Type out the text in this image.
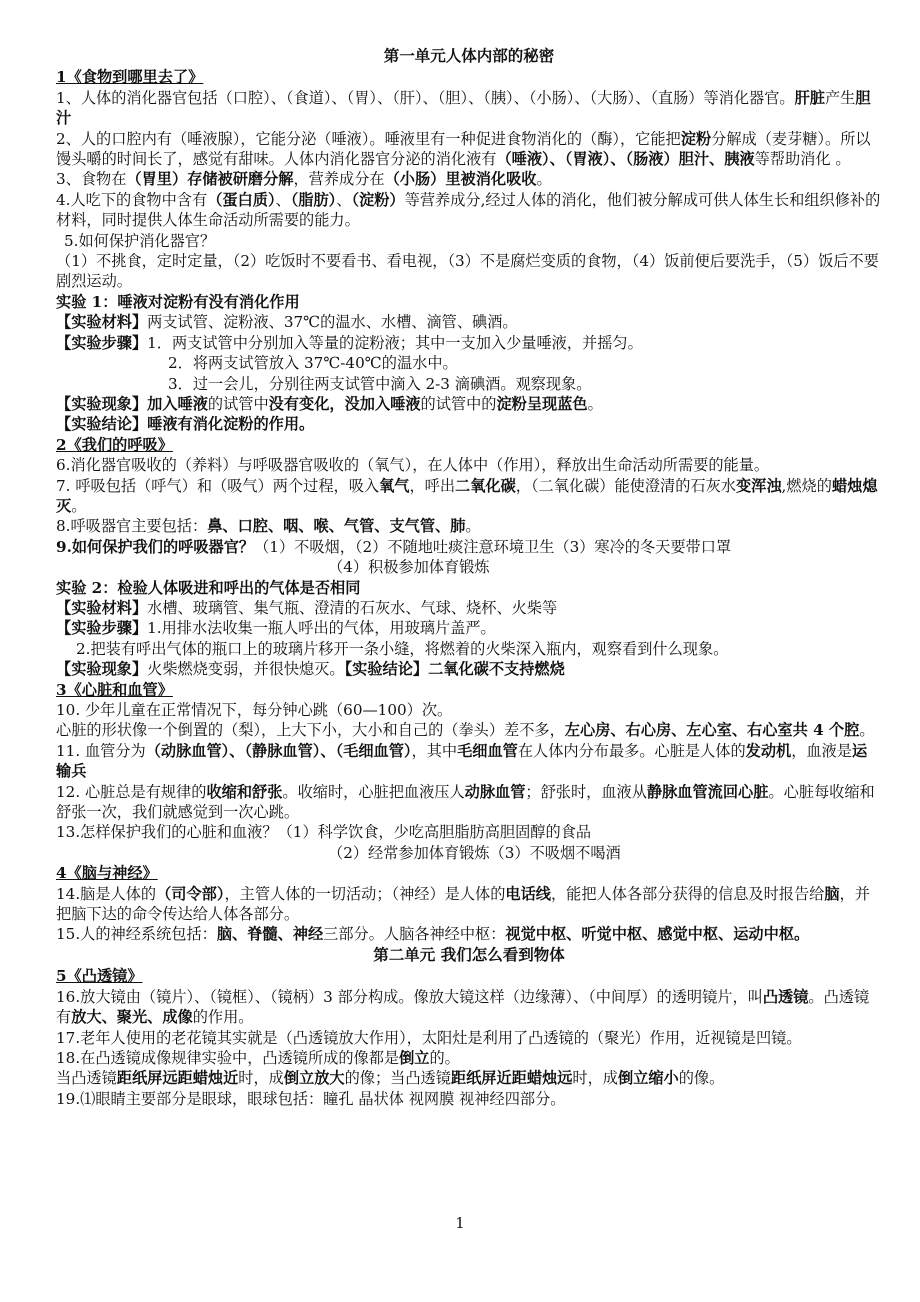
第一单元人体内部的秘密
1《食物到哪里去了》
1、人体的消化器官包括（口腔）、（食道）、（胃）、（肝）、（胆）、（胰）、（小肠）、（大肠）、（直肠）等消化器官。肝脏产生胆汁
2、人的口腔内有（唾液腺），它能分泌（唾液）。唾液里有一种促进食物消化的（酶），它能把淀粉分解成（麦芽糖）。所以馒头嚼的时间长了，感觉有甜味。人体内消化器官分泌的消化液有（唾液）、（胃液）、（肠液）胆汁、胰液等帮助消化 。
3、食物在（胃里）存储被研磨分解，营养成分在（小肠）里被消化吸收。
4.人吃下的食物中含有（蛋白质）、（脂肪）、（淀粉）等营养成分,经过人体的消化，他们被分解成可供人体生长和组织修补的材料，同时提供人体生命活动所需要的能力。
5.如何保护消化器官？
（1）不挑食，定时定量，（2）吃饭时不要看书、看电视，（3）不是腐烂变质的食物，（4）饭前便后要洗手，（5）饭后不要剧烈运动。
实验 1：唾液对淀粉有没有消化作用
【实验材料】两支试管、淀粉液、37℃的温水、水槽、滴管、碘酒。
【实验步骤】1．两支试管中分别加入等量的淀粉液；其中一支加入少量唾液，并摇匀。
2．将两支试管放入 37℃-40℃的温水中。
3．过一会儿，分别往两支试管中滴入 2-3 滴碘酒。观察现象。
【实验现象】加入唾液的试管中没有变化，没加入唾液的试管中的淀粉呈现蓝色。
【实验结论】唾液有消化淀粉的作用。
2《我们的呼吸》
6.消化器官吸收的（养料）与呼吸器官吸收的（氧气），在人体中（作用），释放出生命活动所需要的能量。
7. 呼吸包括（呼气）和（吸气）两个过程，吸入氧气，呼出二氧化碳，（二氧化碳）能使澄清的石灰水变浑浊,燃烧的蜡烛熄灭。
8.呼吸器官主要包括：鼻、口腔、咽、喉、气管、支气管、肺。
9.如何保护我们的呼吸器官？（1）不吸烟，（2）不随地吐痰注意环境卫生（3）寒冷的冬天要带口罩
（4）积极参加体育锻炼
实验 2：检验人体吸进和呼出的气体是否相同
【实验材料】水槽、玻璃管、集气瓶、澄清的石灰水、气球、烧杯、火柴等
【实验步骤】1.用排水法收集一瓶人呼出的气体，用玻璃片盖严。
2.把装有呼出气体的瓶口上的玻璃片移开一条小缝，将燃着的火柴深入瓶内，观察看到什么现象。
【实验现象】火柴燃烧变弱，并很快熄灭。【实验结论】二氧化碳不支持燃烧
3《心脏和血管》
10. 少年儿童在正常情况下，每分钟心跳（60—100）次。
心脏的形状像一个倒置的（梨），上大下小，大小和自己的（拳头）差不多，左心房、右心房、左心室、右心室共 4 个腔。
11. 血管分为（动脉血管）、（静脉血管）、（毛细血管），其中毛细血管在人体内分布最多。心脏是人体的发动机，血液是运输兵
12. 心脏总是有规律的收缩和舒张。收缩时，心脏把血液压人动脉血管；舒张时，血液从静脉血管流回心脏。心脏每收缩和舒张一次，我们就感觉到一次心跳。
13.怎样保护我们的心脏和血液？（1）科学饮食，少吃高胆脂肪高胆固醇的食品
（2）经常参加体育锻炼（3）不吸烟不喝酒
4《脑与神经》
14.脑是人体的（司令部），主管人体的一切活动；（神经）是人体的电话线，能把人体各部分获得的信息及时报告给脑，并把脑下达的命令传达给人体各部分。
15.人的神经系统包括：脑、脊髓、神经三部分。人脑各神经中枢：视觉中枢、听觉中枢、感觉中枢、运动中枢。
第二单元 我们怎么看到物体
5《凸透镜》
16.放大镜由（镜片）、（镜框）、（镜柄）3 部分构成。像放大镜这样（边缘薄）、（中间厚）的透明镜片，叫凸透镜。凸透镜有放大、聚光、成像的作用。
17.老年人使用的老花镜其实就是（凸透镜放大作用），太阳灶是利用了凸透镜的（聚光）作用，近视镜是凹镜。
18.在凸透镜成像规律实验中，凸透镜所成的像都是倒立的。
当凸透镜距纸屏远距蜡烛近时，成倒立放大的像；当凸透镜距纸屏近距蜡烛远时，成倒立缩小的像。
19.⑴眼睛主要部分是眼球，眼球包括：瞳孔 晶状体 视网膜 视神经四部分。
1
